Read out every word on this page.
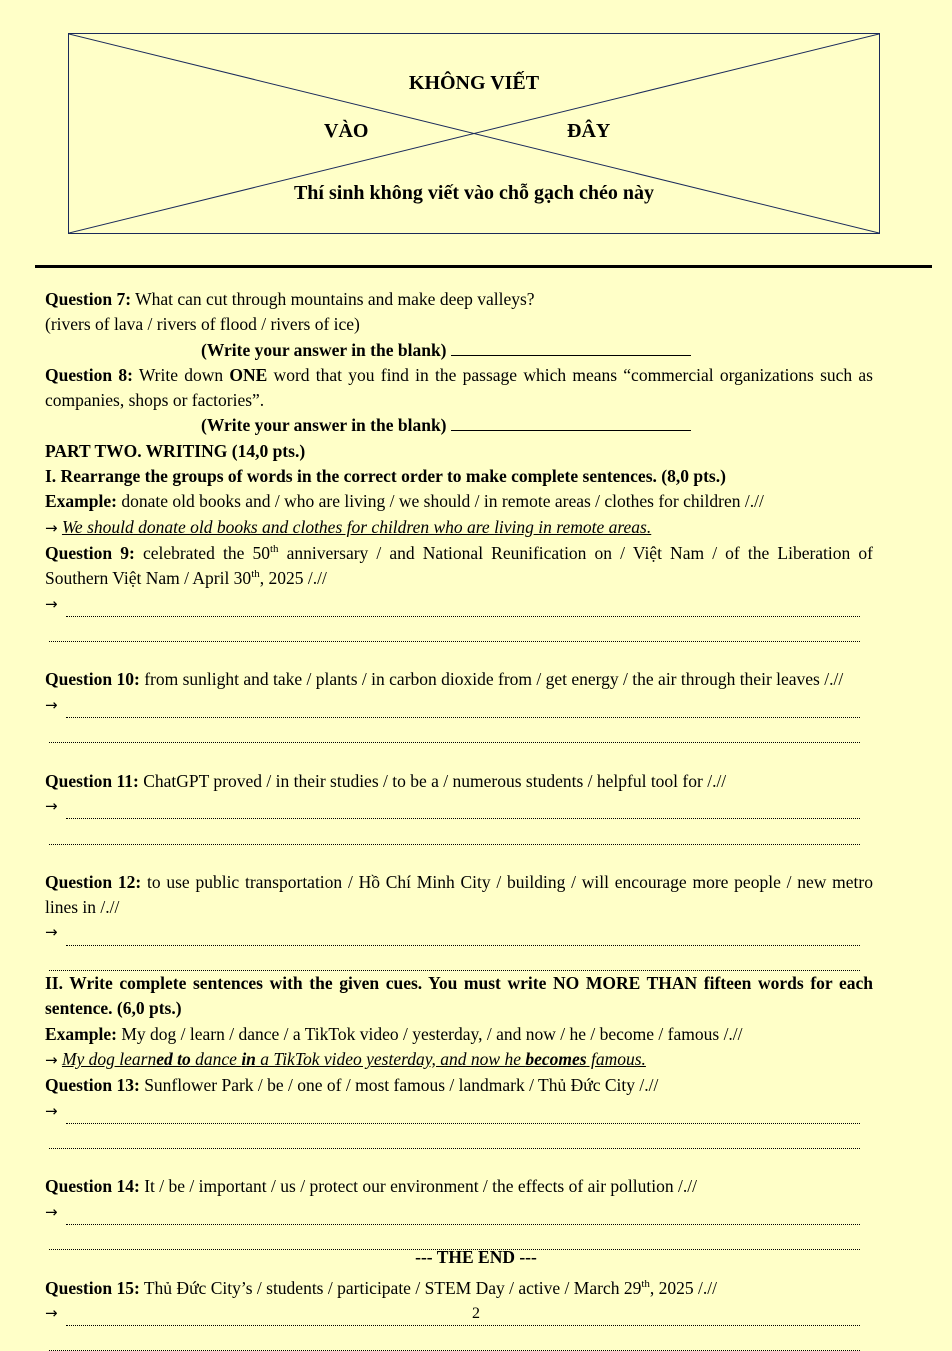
KHÔNG VIẾT
VÀO	ĐÂY
Thí sinh không viết vào chỗ gạch chéo này

Question 7: What can cut through mountains and make deep valleys?

(rivers of lava / rivers of flood / rivers of ice)

(Write your answer in the blank)

Question 8: Write down ONE word that you find in the passage which means “commercial organizations such as companies, shops or factories”.

(Write your answer in the blank)

PART TWO. WRITING (14,0 pts.)

I. Rearrange the groups of words in the correct order to make complete sentences. (8,0 pts.)

Example: donate old books and / who are living / we should / in remote areas / clothes for children /.//

→ We should donate old books and clothes for children who are living in remote areas.

Question 9: celebrated the 50th anniversary / and National Reunification on / Việt Nam / of the Liberation of Southern Việt Nam / April 30th, 2025 /.//

→

Question 10: from sunlight and take / plants / in carbon dioxide from / get energy / the air through their leaves /.//

→

Question 11: ChatGPT proved / in their studies / to be a / numerous students / helpful tool for /.//

→

Question 12: to use public transportation / Hồ Chí Minh City / building / will encourage more people / new metro lines in /.//

→

II. Write complete sentences with the given cues. You must write NO MORE THAN fifteen words for each sentence. (6,0 pts.)

Example: My dog / learn / dance / a TikTok video / yesterday, / and now / he / become / famous /.//

→ My dog learned to dance in a TikTok video yesterday, and now he becomes famous.

Question 13: Sunflower Park / be / one of / most famous / landmark / Thủ Đức City /.//

→

Question 14: It / be / important / us / protect our environment / the effects of air pollution /.//

→

Question 15: Thủ Đức City’s / students / participate / STEM Day / active / March 29th, 2025 /.//

→
--- THE END ---
2
